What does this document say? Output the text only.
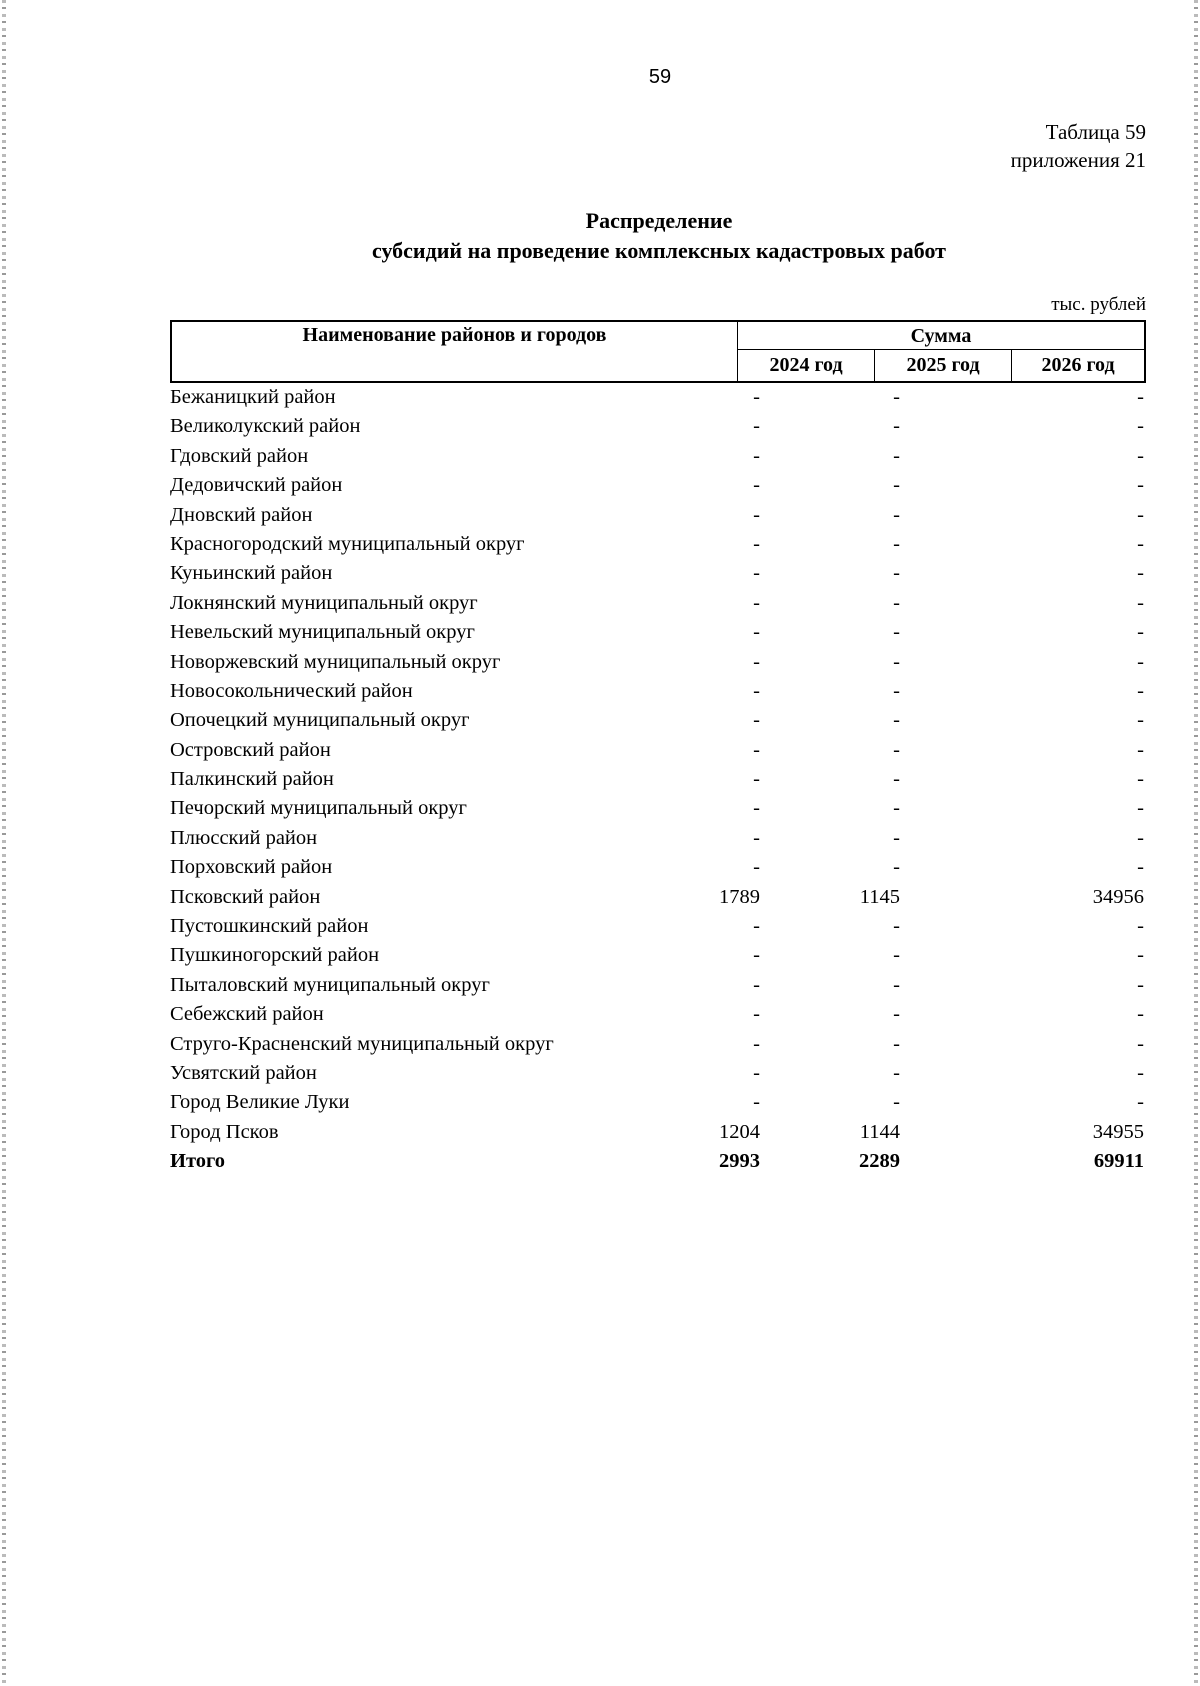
59
Таблица 59
приложения 21
Распределение
субсидий на проведение комплексных кадастровых работ
тыс. рублей
Наименование районов и городов	Сумма
2024 год	2025 год	2026 год
Бежаницкий район	-	-	-
Великолукский район	-	-	-
Гдовский район	-	-	-
Дедовичский район	-	-	-
Дновский район	-	-	-
Красногородский муниципальный округ	-	-	-
Куньинский район	-	-	-
Локнянский муниципальный округ	-	-	-
Невельский муниципальный округ	-	-	-
Новоржевский муниципальный округ	-	-	-
Новосокольнический район	-	-	-
Опочецкий муниципальный округ	-	-	-
Островский район	-	-	-
Палкинский район	-	-	-
Печорский муниципальный округ	-	-	-
Плюсский район	-	-	-
Порховский район	-	-	-
Псковский район	1789	1145	34956
Пустошкинский район	-	-	-
Пушкиногорский район	-	-	-
Пыталовский муниципальный округ	-	-	-
Себежский район	-	-	-
Струго-Красненский муниципальный округ	-	-	-
Усвятский район	-	-	-
Город Великие Луки	-	-	-
Город Псков	1204	1144	34955
Итого	2993	2289	69911
